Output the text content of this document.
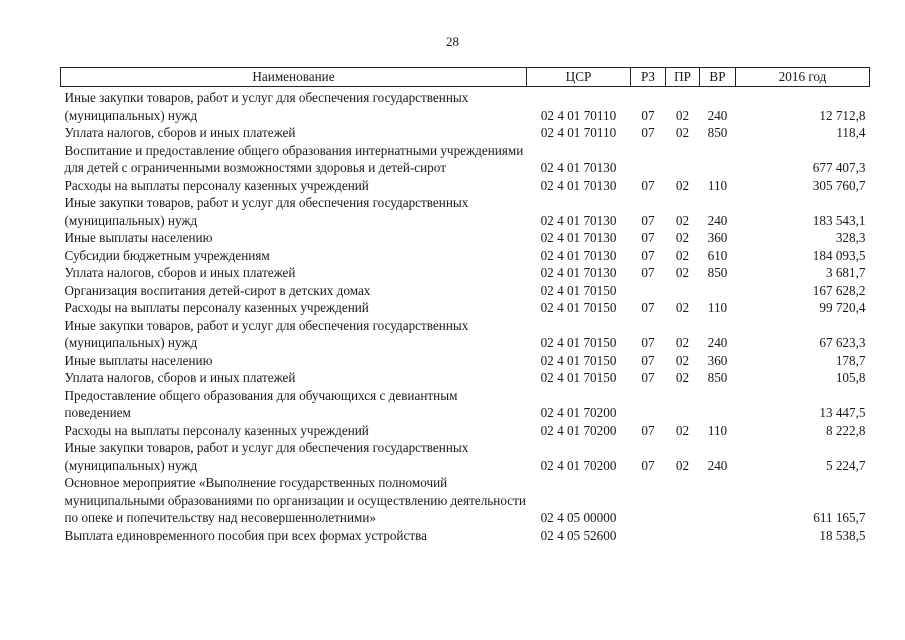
28
Наименование	ЦСР	РЗ	ПР	ВР	2016 год
Иные закупки товаров, работ и услуг для обеспечения государственных (муниципальных) нужд	02 4 01 70110	07	02	240	12 712,8
Уплата налогов, сборов и иных платежей	02 4 01 70110	07	02	850	118,4
Воспитание и предоставление общего образования интернатными учреждениями для детей с ограниченными возможностями здоровья и детей-сирот	02 4 01 70130				677 407,3
Расходы на выплаты персоналу казенных учреждений	02 4 01 70130	07	02	110	305 760,7
Иные закупки товаров, работ и услуг для обеспечения государственных (муниципальных) нужд	02 4 01 70130	07	02	240	183 543,1
Иные выплаты населению	02 4 01 70130	07	02	360	328,3
Субсидии бюджетным учреждениям	02 4 01 70130	07	02	610	184 093,5
Уплата налогов, сборов и иных платежей	02 4 01 70130	07	02	850	3 681,7
Организация воспитания детей-сирот в детских домах	02 4 01 70150				167 628,2
Расходы на выплаты персоналу казенных учреждений	02 4 01 70150	07	02	110	99 720,4
Иные закупки товаров, работ и услуг для обеспечения государственных (муниципальных) нужд	02 4 01 70150	07	02	240	67 623,3
Иные выплаты населению	02 4 01 70150	07	02	360	178,7
Уплата налогов, сборов и иных платежей	02 4 01 70150	07	02	850	105,8
Предоставление общего образования для обучающихся с девиантным поведением	02 4 01 70200				13 447,5
Расходы на выплаты персоналу казенных учреждений	02 4 01 70200	07	02	110	8 222,8
Иные закупки товаров, работ и услуг для обеспечения государственных (муниципальных) нужд	02 4 01 70200	07	02	240	5 224,7
Основное мероприятие «Выполнение государственных полномочий муниципальными образованиями по организации и осуществлению деятельности по опеке и попечительству над несовершеннолетними»	02 4 05 00000				611 165,7
Выплата единовременного пособия при всех формах устройства	02 4 05 52600				18 538,5
